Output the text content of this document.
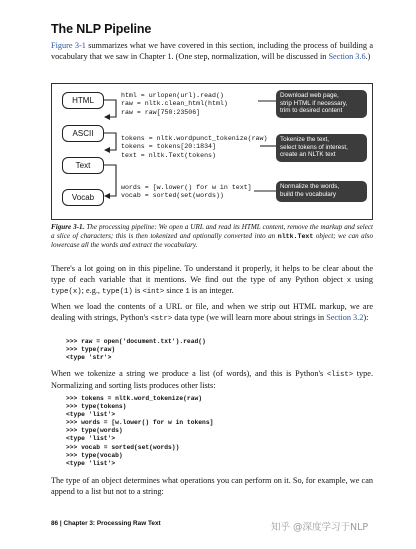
The NLP Pipeline

Figure 3-1 summarizes what we have covered in this section, including the process of building a vocabulary that we saw in Chapter 1. (One step, normalization, will be discussed in Section 3.6.)

HTML
ASCII
Text
Vocab
html = urlopen(url).read()
raw = nltk.clean_html(html)
raw = raw[750:23506]
tokens = nltk.wordpunct_tokenize(raw)
tokens = tokens[20:1834]
text = nltk.Text(tokens)
words = [w.lower() for w in text]
vocab = sorted(set(words))
Download web page,
strip HTML if necessary,
trim to desired content
Tokenize the text,
select tokens of interest,
create an NLTK text
Normalize the words,
build the vocabulary

Figure 3-1. The processing pipeline: We open a URL and read its HTML content, remove the markup and select a slice of characters; this is then tokenized and optionally converted into an nltk.Text object; we can also lowercase all the words and extract the vocabulary.

There's a lot going on in this pipeline. To understand it properly, it helps to be clear about the type of each variable that it mentions. We find out the type of any Python object x using type(x); e.g., type(1) is <int> since 1 is an integer.

When we load the contents of a URL or file, and when we strip out HTML markup, we are dealing with strings, Python's <str> data type (we will learn more about strings in Section 3.2):

>>> raw = open('document.txt').read()
>>> type(raw)
<type 'str'>

When we tokenize a string we produce a list (of words), and this is Python's <list> type. Normalizing and sorting lists produces other lists:

>>> tokens = nltk.word_tokenize(raw)
>>> type(tokens)
<type 'list'>
>>> words = [w.lower() for w in tokens]
>>> type(words)
<type 'list'>
>>> vocab = sorted(set(words))
>>> type(vocab)
<type 'list'>

The type of an object determines what operations you can perform on it. So, for example, we can append to a list but not to a string:

86 | Chapter 3: Processing Raw Text	知乎 @深度学习于NLP
